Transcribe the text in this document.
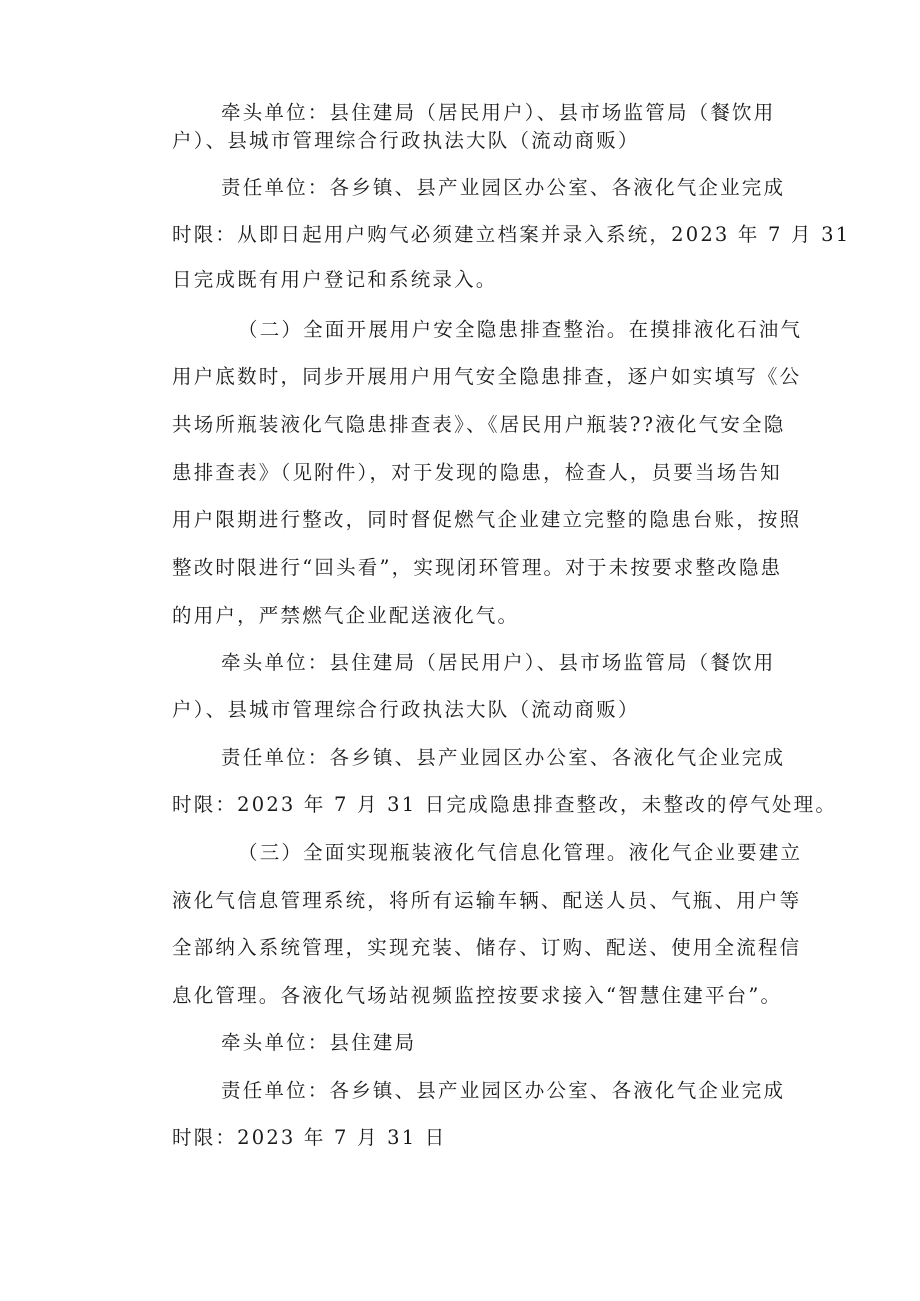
牵头单位：县住建局（居民用户）、县市场监管局（餐饮用
户）、县城市管理综合行政执法大队（流动商贩）
责任单位：各乡镇、县产业园区办公室、各液化气企业完成
时限：从即日起用户购气必须建立档案并录入系统，2023 年 7 月 31
日完成既有用户登记和系统录入。
（二）全面开展用户安全隐患排查整治。在摸排液化石油气
用户底数时，同步开展用户用气安全隐患排查，逐户如实填写《公
共场所瓶装液化气隐患排查表》、《居民用户瓶装??液化气安全隐
患排查表》（见附件），对于发现的隐患，检查人，员要当场告知
用户限期进行整改，同时督促燃气企业建立完整的隐患台账，按照
整改时限进行“回头看”，实现闭环管理。对于未按要求整改隐患
的用户，严禁燃气企业配送液化气。
牵头单位：县住建局（居民用户）、县市场监管局（餐饮用
户）、县城市管理综合行政执法大队（流动商贩）
责任单位：各乡镇、县产业园区办公室、各液化气企业完成
时限：2023 年 7 月 31 日完成隐患排查整改，未整改的停气处理。
（三）全面实现瓶装液化气信息化管理。液化气企业要建立
液化气信息管理系统，将所有运输车辆、配送人员、气瓶、用户等
全部纳入系统管理，实现充装、储存、订购、配送、使用全流程信
息化管理。各液化气场站视频监控按要求接入“智慧住建平台”。
牵头单位：县住建局
责任单位：各乡镇、县产业园区办公室、各液化气企业完成
时限：2023 年 7 月 31 日
